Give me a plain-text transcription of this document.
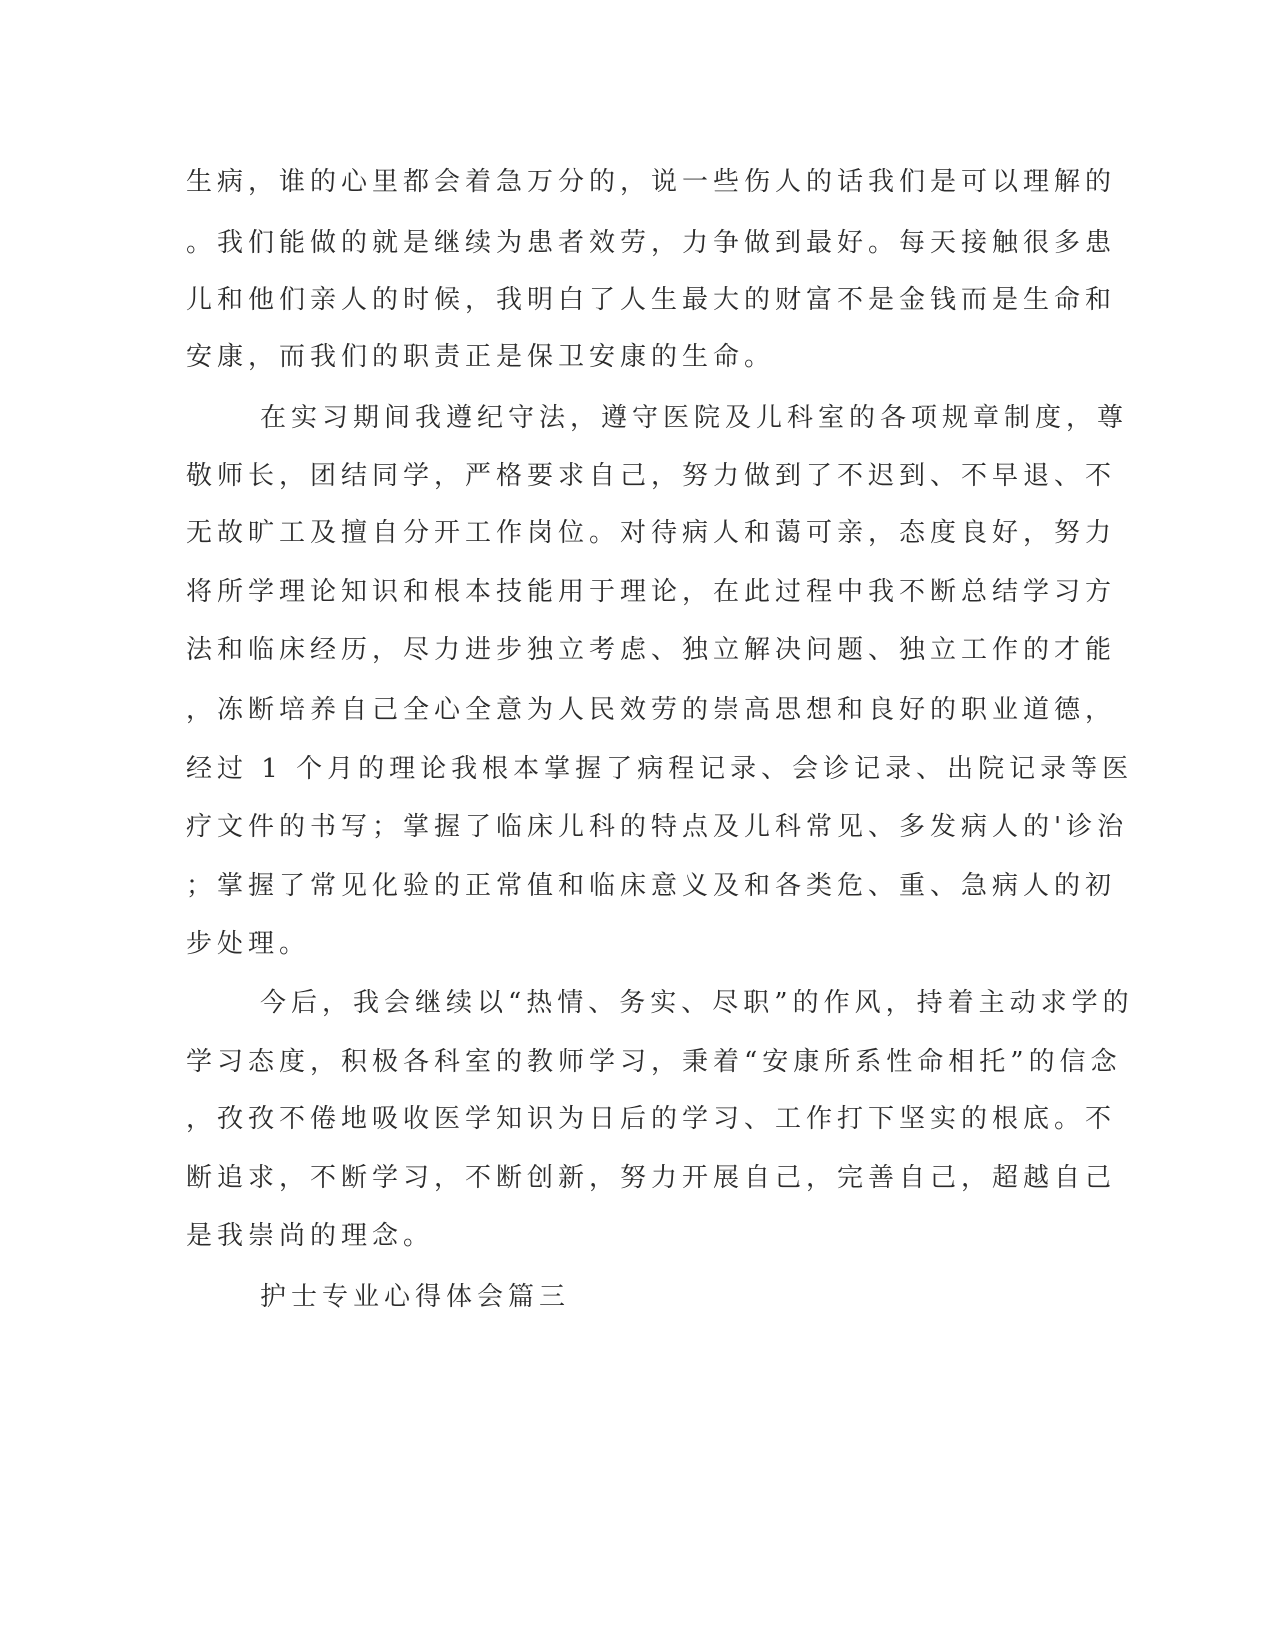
生病，谁的心里都会着急万分的，说一些伤人的话我们是可以理解的

。我们能做的就是继续为患者效劳，力争做到最好。每天接触很多患

儿和他们亲人的时候，我明白了人生最大的财富不是金钱而是生命和

安康，而我们的职责正是保卫安康的生命。

在实习期间我遵纪守法，遵守医院及儿科室的各项规章制度，尊

敬师长，团结同学，严格要求自己，努力做到了不迟到、不早退、不

无故旷工及擅自分开工作岗位。对待病人和蔼可亲，态度良好，努力

将所学理论知识和根本技能用于理论，在此过程中我不断总结学习方

法和临床经历，尽力进步独立考虑、独立解决问题、独立工作的才能

，冻断培养自己全心全意为人民效劳的崇高思想和良好的职业道德，

经过 1 个月的理论我根本掌握了病程记录、会诊记录、出院记录等医

疗文件的书写；掌握了临床儿科的特点及儿科常见、多发病人的'诊治

；掌握了常见化验的正常值和临床意义及和各类危、重、急病人的初

步处理。

今后，我会继续以“热情、务实、尽职”的作风，持着主动求学的

学习态度，积极各科室的教师学习，秉着“安康所系性命相托”的信念

，孜孜不倦地吸收医学知识为日后的学习、工作打下坚实的根底。不

断追求，不断学习，不断创新，努力开展自己，完善自己，超越自己

是我崇尚的理念。

护士专业心得体会篇三
